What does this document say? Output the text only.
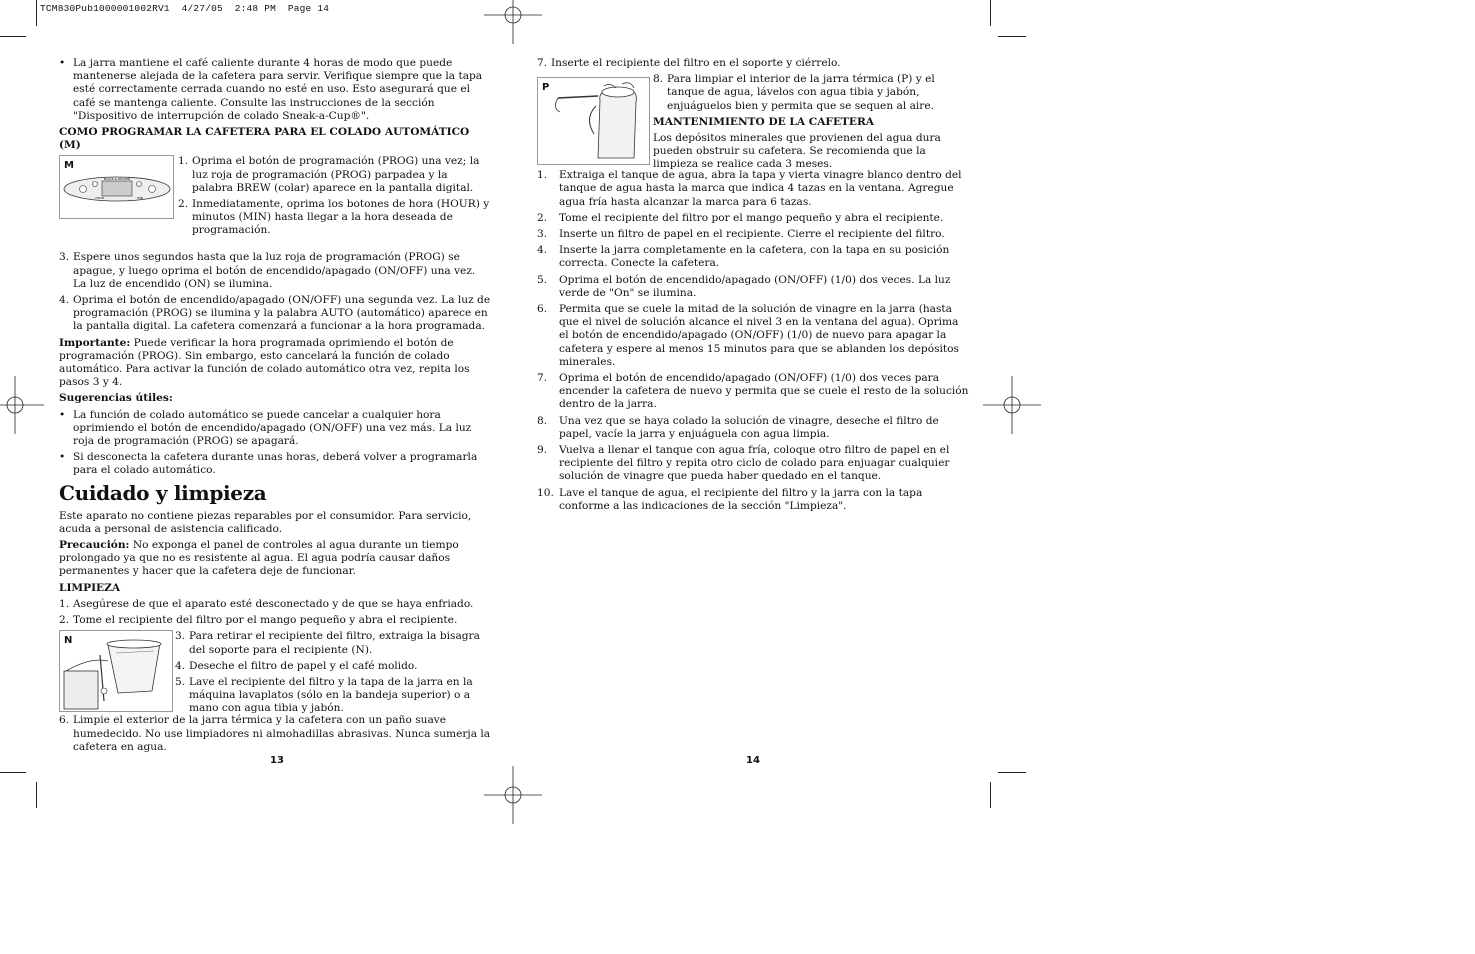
TCM830Pub1000001002RV1  4/27/05  2:48 PM  Page 14
• La jarra mantiene el café caliente durante 4 horas de modo que puede mantenerse alejada de la cafetera para servir. Verifique siempre que la tapa esté correctamente cerrada cuando no esté en uso. Esto asegurará que el café se mantenga caliente. Consulte las instrucciones de la sección "Dispositivo de interrupción de colado Sneak-a-Cup®".

COMO PROGRAMAR LA CAFETERA PARA EL COLADO AUTOMÁTICO (M)

M
BLACK & DECKER
HOUR	MIN
1. Oprima el botón de programación (PROG) una vez; la luz roja de programación (PROG) parpadea y la palabra BREW (colar) aparece en la pantalla digital.
2. Inmediatamente, oprima los botones de hora (HOUR) y minutos (MIN) hasta llegar a la hora deseada de programación.
3. Espere unos segundos hasta que la luz roja de programación (PROG) se apague, y luego oprima el botón de encendido/apagado (ON/OFF) una vez. La luz de encendido (ON) se ilumina.
4. Oprima el botón de encendido/apagado (ON/OFF) una segunda vez. La luz de programación (PROG) se ilumina y la palabra AUTO (automático) aparece en la pantalla digital. La cafetera comenzará a funcionar a la hora programada.

Importante: Puede verificar la hora programada oprimiendo el botón de programación (PROG). Sin embargo, esto cancelará la función de colado automático. Para activar la función de colado automático otra vez, repita los pasos 3 y 4.

Sugerencias útiles:

• La función de colado automático se puede cancelar a cualquier hora oprimiendo el botón de encendido/apagado (ON/OFF) una vez más. La luz roja de programación (PROG) se apagará.
• Si desconecta la cafetera durante unas horas, deberá volver a programarla para el colado automático.
Cuidado y limpieza

Este aparato no contiene piezas reparables por el consumidor. Para servicio, acuda a personal de asistencia calificado.

Precaución: No exponga el panel de controles al agua durante un tiempo prolongado ya que no es resistente al agua. El agua podría causar daños permanentes y hacer que la cafetera deje de funcionar.

LIMPIEZA

1. Asegúrese de que el aparato esté desconectado y de que se haya enfriado.
2. Tome el recipiente del filtro por el mango pequeño y abra el recipiente.
N	3. Para retirar el recipiente del filtro, extraiga la bisagra del soporte para el recipiente (N).
4. Deseche el filtro de papel y el café molido.
5. Lave el recipiente del filtro y la tapa de la jarra en la máquina lavaplatos (sólo en la bandeja superior) o a mano con agua tibia y jabón.
6. Limpie el exterior de la jarra térmica y la cafetera con un paño suave humedecido. No use limpiadores ni almohadillas abrasivas. Nunca sumerja la cafetera en agua.
13
7. Inserte el recipiente del filtro en el soporte y ciérrelo.
P
8. Para limpiar el interior de la jarra térmica (P) y el tanque de agua, lávelos con agua tibia y jabón, enjuáguelos bien y permita que se sequen al aire.

MANTENIMIENTO DE LA CAFETERA

Los depósitos minerales que provienen del agua dura pueden obstruir su cafetera. Se recomienda que la limpieza se realice cada 3 meses.

1. Extraiga el tanque de agua, abra la tapa y vierta vinagre blanco dentro del tanque de agua hasta la marca que indica 4 tazas en la ventana. Agregue agua fría hasta alcanzar la marca para 6 tazas.
2. Tome el recipiente del filtro por el mango pequeño y abra el recipiente.
3. Inserte un filtro de papel en el recipiente. Cierre el recipiente del filtro.
4. Inserte la jarra completamente en la cafetera, con la tapa en su posición correcta. Conecte la cafetera.
5. Oprima el botón de encendido/apagado (ON/OFF) (1/0) dos veces. La luz verde de "On" se ilumina.
6. Permita que se cuele la mitad de la solución de vinagre en la jarra (hasta que el nivel de solución alcance el nivel 3 en la ventana del agua). Oprima el botón de encendido/apagado (ON/OFF) (1/0) de nuevo para apagar la cafetera y espere al menos 15 minutos para que se ablanden los depósitos minerales.
7. Oprima el botón de encendido/apagado (ON/OFF) (1/0) dos veces para encender la cafetera de nuevo y permita que se cuele el resto de la solución dentro de la jarra.
8. Una vez que se haya colado la solución de vinagre, deseche el filtro de papel, vacíe la jarra y enjuáguela con agua limpia.
9. Vuelva a llenar el tanque con agua fría, coloque otro filtro de papel en el recipiente del filtro y repita otro ciclo de colado para enjuagar cualquier solución de vinagre que pueda haber quedado en el tanque.
10. Lave el tanque de agua, el recipiente del filtro y la jarra con la tapa conforme a las indicaciones de la sección "Limpieza".
14
